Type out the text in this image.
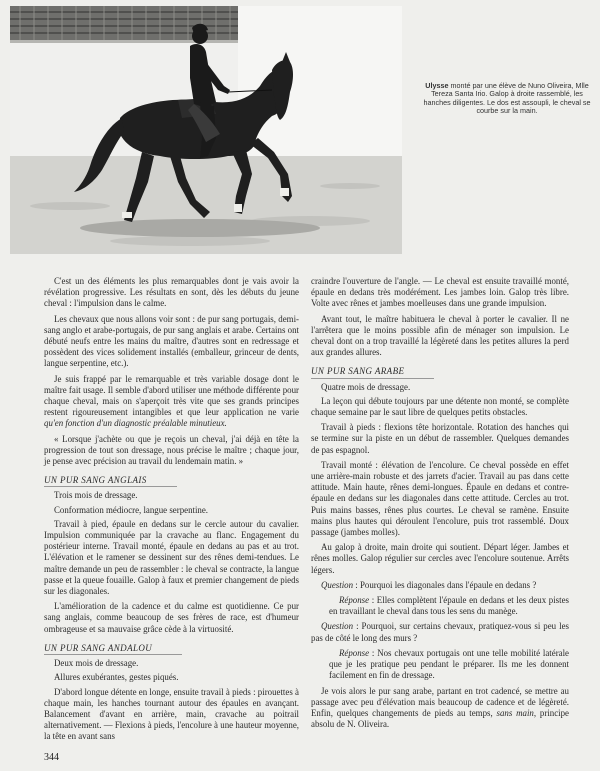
Ulysse monté par une élève de Nuno Oliveira, Mlle Tereza Santa Irio. Galop à droite rassemblé, les hanches diligentes. Le dos est assoupli, le cheval se courbe sur la main.

C'est un des éléments les plus remarquables dont je vais avoir la révélation progressive. Les résultats en sont, dès les débuts du jeune cheval : l'impulsion dans le calme.

Les chevaux que nous allons voir sont : de pur sang portugais, demi-sang anglo et arabe-portugais, de pur sang anglais et arabe. Certains ont débuté neufs entre les mains du maître, d'autres sont en redressage et possèdent des vices solidement installés (emballeur, grinceur de dents, langue serpentine, etc.).

Je suis frappé par le remarquable et très variable dosage dont le maître fait usage. Il semble d'abord utiliser une méthode différente pour chaque cheval, mais on s'aperçoit très vite que ses grands principes restent rigoureusement intangibles et que leur application ne varie qu'en fonction d'un diagnostic préalable minutieux.

« Lorsque j'achète ou que je reçois un cheval, j'ai déjà en tête la progression de tout son dressage, nous précise le maître ; chaque jour, je pense avec précision au travail du lendemain matin. »

UN PUR SANG ANGLAIS

Trois mois de dressage.

Conformation médiocre, langue serpentine.

Travail à pied, épaule en dedans sur le cercle autour du cavalier. Impulsion communiquée par la cravache au flanc. Engagement du postérieur interne. Travail monté, épaule en dedans au pas et au trot. L'élévation et le ramener se dessinent sur des rênes demi-tendues. Le maître demande un peu de rassembler : le cheval se contracte, la langue passe et la queue fouaille. Galop à faux et premier changement de pieds sur les diagonales.

L'amélioration de la cadence et du calme est quotidienne. Ce pur sang anglais, comme beaucoup de ses frères de race, est d'humeur ombrageuse et sa mauvaise grâce cède à la virtuosité.

UN PUR SANG ANDALOU

Deux mois de dressage.

Allures exubérantes, gestes piqués.

D'abord longue détente en longe, ensuite travail à pieds : pirouettes à chaque main, les hanches tournant autour des épaules en avançant. Balancement d'avant en arrière, main, cravache au poitrail alternativement. — Flexions à pieds, l'encolure à une hauteur moyenne, la tête en avant sans

craindre l'ouverture de l'angle. — Le cheval est ensuite travaillé monté, épaule en dedans très modérément. Les jambes loin. Galop très libre. Volte avec rênes et jambes moelleuses dans une grande impulsion.

Avant tout, le maître habituera le cheval à porter le cavalier. Il ne l'arrêtera que le moins possible afin de ménager son impulsion. Le cheval dont on a trop travaillé la légèreté dans les petites allures la perd aux grandes allures.

UN PUR SANG ARABE

Quatre mois de dressage.

La leçon qui débute toujours par une détente non monté, se complète chaque semaine par le saut libre de quelques petits obstacles.

Travail à pieds : flexions tête horizontale. Rotation des hanches qui se termine sur la piste en un début de rassembler. Quelques demandes de pas espagnol.

Travail monté : élévation de l'encolure. Ce cheval possède en effet une arrière-main robuste et des jarrets d'acier. Travail au pas dans cette attitude. Main haute, rênes demi-longues. Épaule en dedans et contre-épaule en dedans sur les diagonales dans cette attitude. Cercles au trot. Puis mains basses, rênes plus courtes. Le cheval se ramène. Ensuite mains plus hautes qui déroulent l'encolure, puis trot rassemblé. Doux passage (jambes molles).

Au galop à droite, main droite qui soutient. Départ léger. Jambes et rênes molles. Galop régulier sur cercles avec l'encolure soutenue. Arrêts légers.

Question : Pourquoi les diagonales dans l'épaule en dedans ?

Réponse : Elles complètent l'épaule en dedans et les deux pistes en travaillant le cheval dans tous les sens du manège.

Question : Pourquoi, sur certains chevaux, pratiquez-vous si peu les pas de côté le long des murs ?

Réponse : Nos chevaux portugais ont une telle mobilité latérale que je les pratique peu pendant le préparer. Ils me les donnent facilement en fin de dressage.

Je vois alors le pur sang arabe, partant en trot cadencé, se mettre au passage avec peu d'élévation mais beaucoup de cadence et de légèreté. Enfin, quelques changements de pieds au temps, sans main, principe absolu de N. Oliveira.

344
